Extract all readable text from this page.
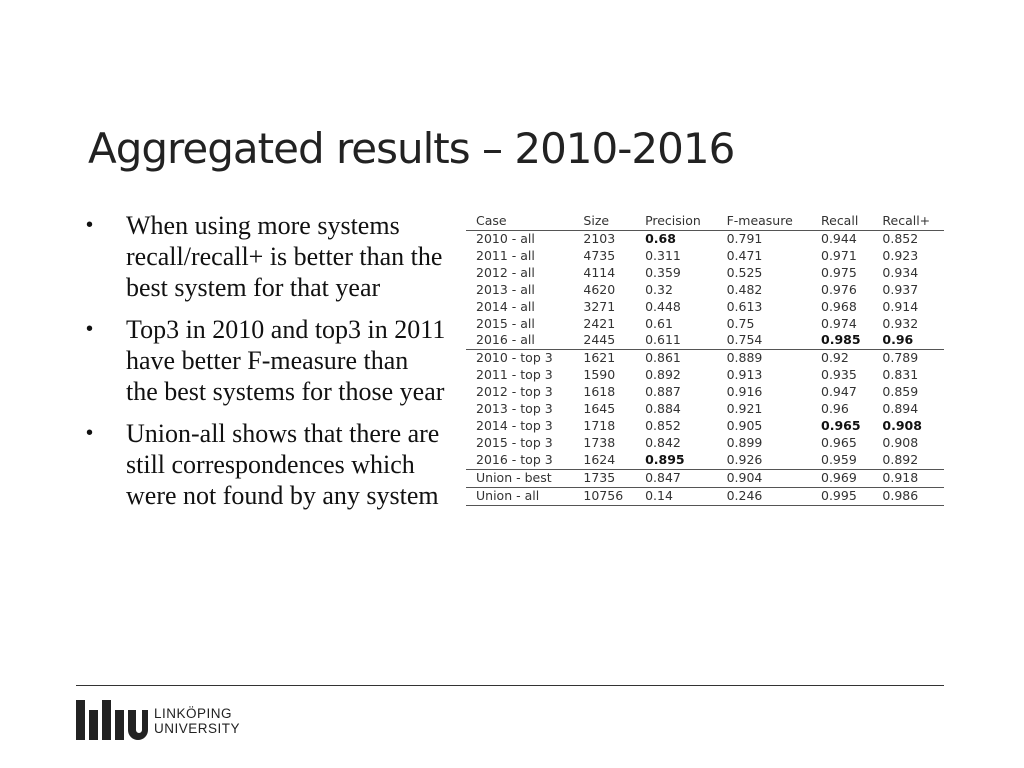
Aggregated results – 2010-2016
• When using more systems recall/recall+ is better than the best system for that year
• Top3 in 2010 and top3 in 2011 have better F-measure than the best systems for those year
• Union-all shows that there are still correspondences which were not found by any system
Case	Size	Precision	F-measure	Recall	Recall+
2010 - all	2103	0.68	0.791	0.944	0.852
2011 - all	4735	0.311	0.471	0.971	0.923
2012 - all	4114	0.359	0.525	0.975	0.934
2013 - all	4620	0.32	0.482	0.976	0.937
2014 - all	3271	0.448	0.613	0.968	0.914
2015 - all	2421	0.61	0.75	0.974	0.932
2016 - all	2445	0.611	0.754	0.985	0.96
2010 - top 3	1621	0.861	0.889	0.92	0.789
2011 - top 3	1590	0.892	0.913	0.935	0.831
2012 - top 3	1618	0.887	0.916	0.947	0.859
2013 - top 3	1645	0.884	0.921	0.96	0.894
2014 - top 3	1718	0.852	0.905	0.965	0.908
2015 - top 3	1738	0.842	0.899	0.965	0.908
2016 - top 3	1624	0.895	0.926	0.959	0.892
Union - best	1735	0.847	0.904	0.969	0.918
Union - all	10756	0.14	0.246	0.995	0.986
LINKÖPING
UNIVERSITY
